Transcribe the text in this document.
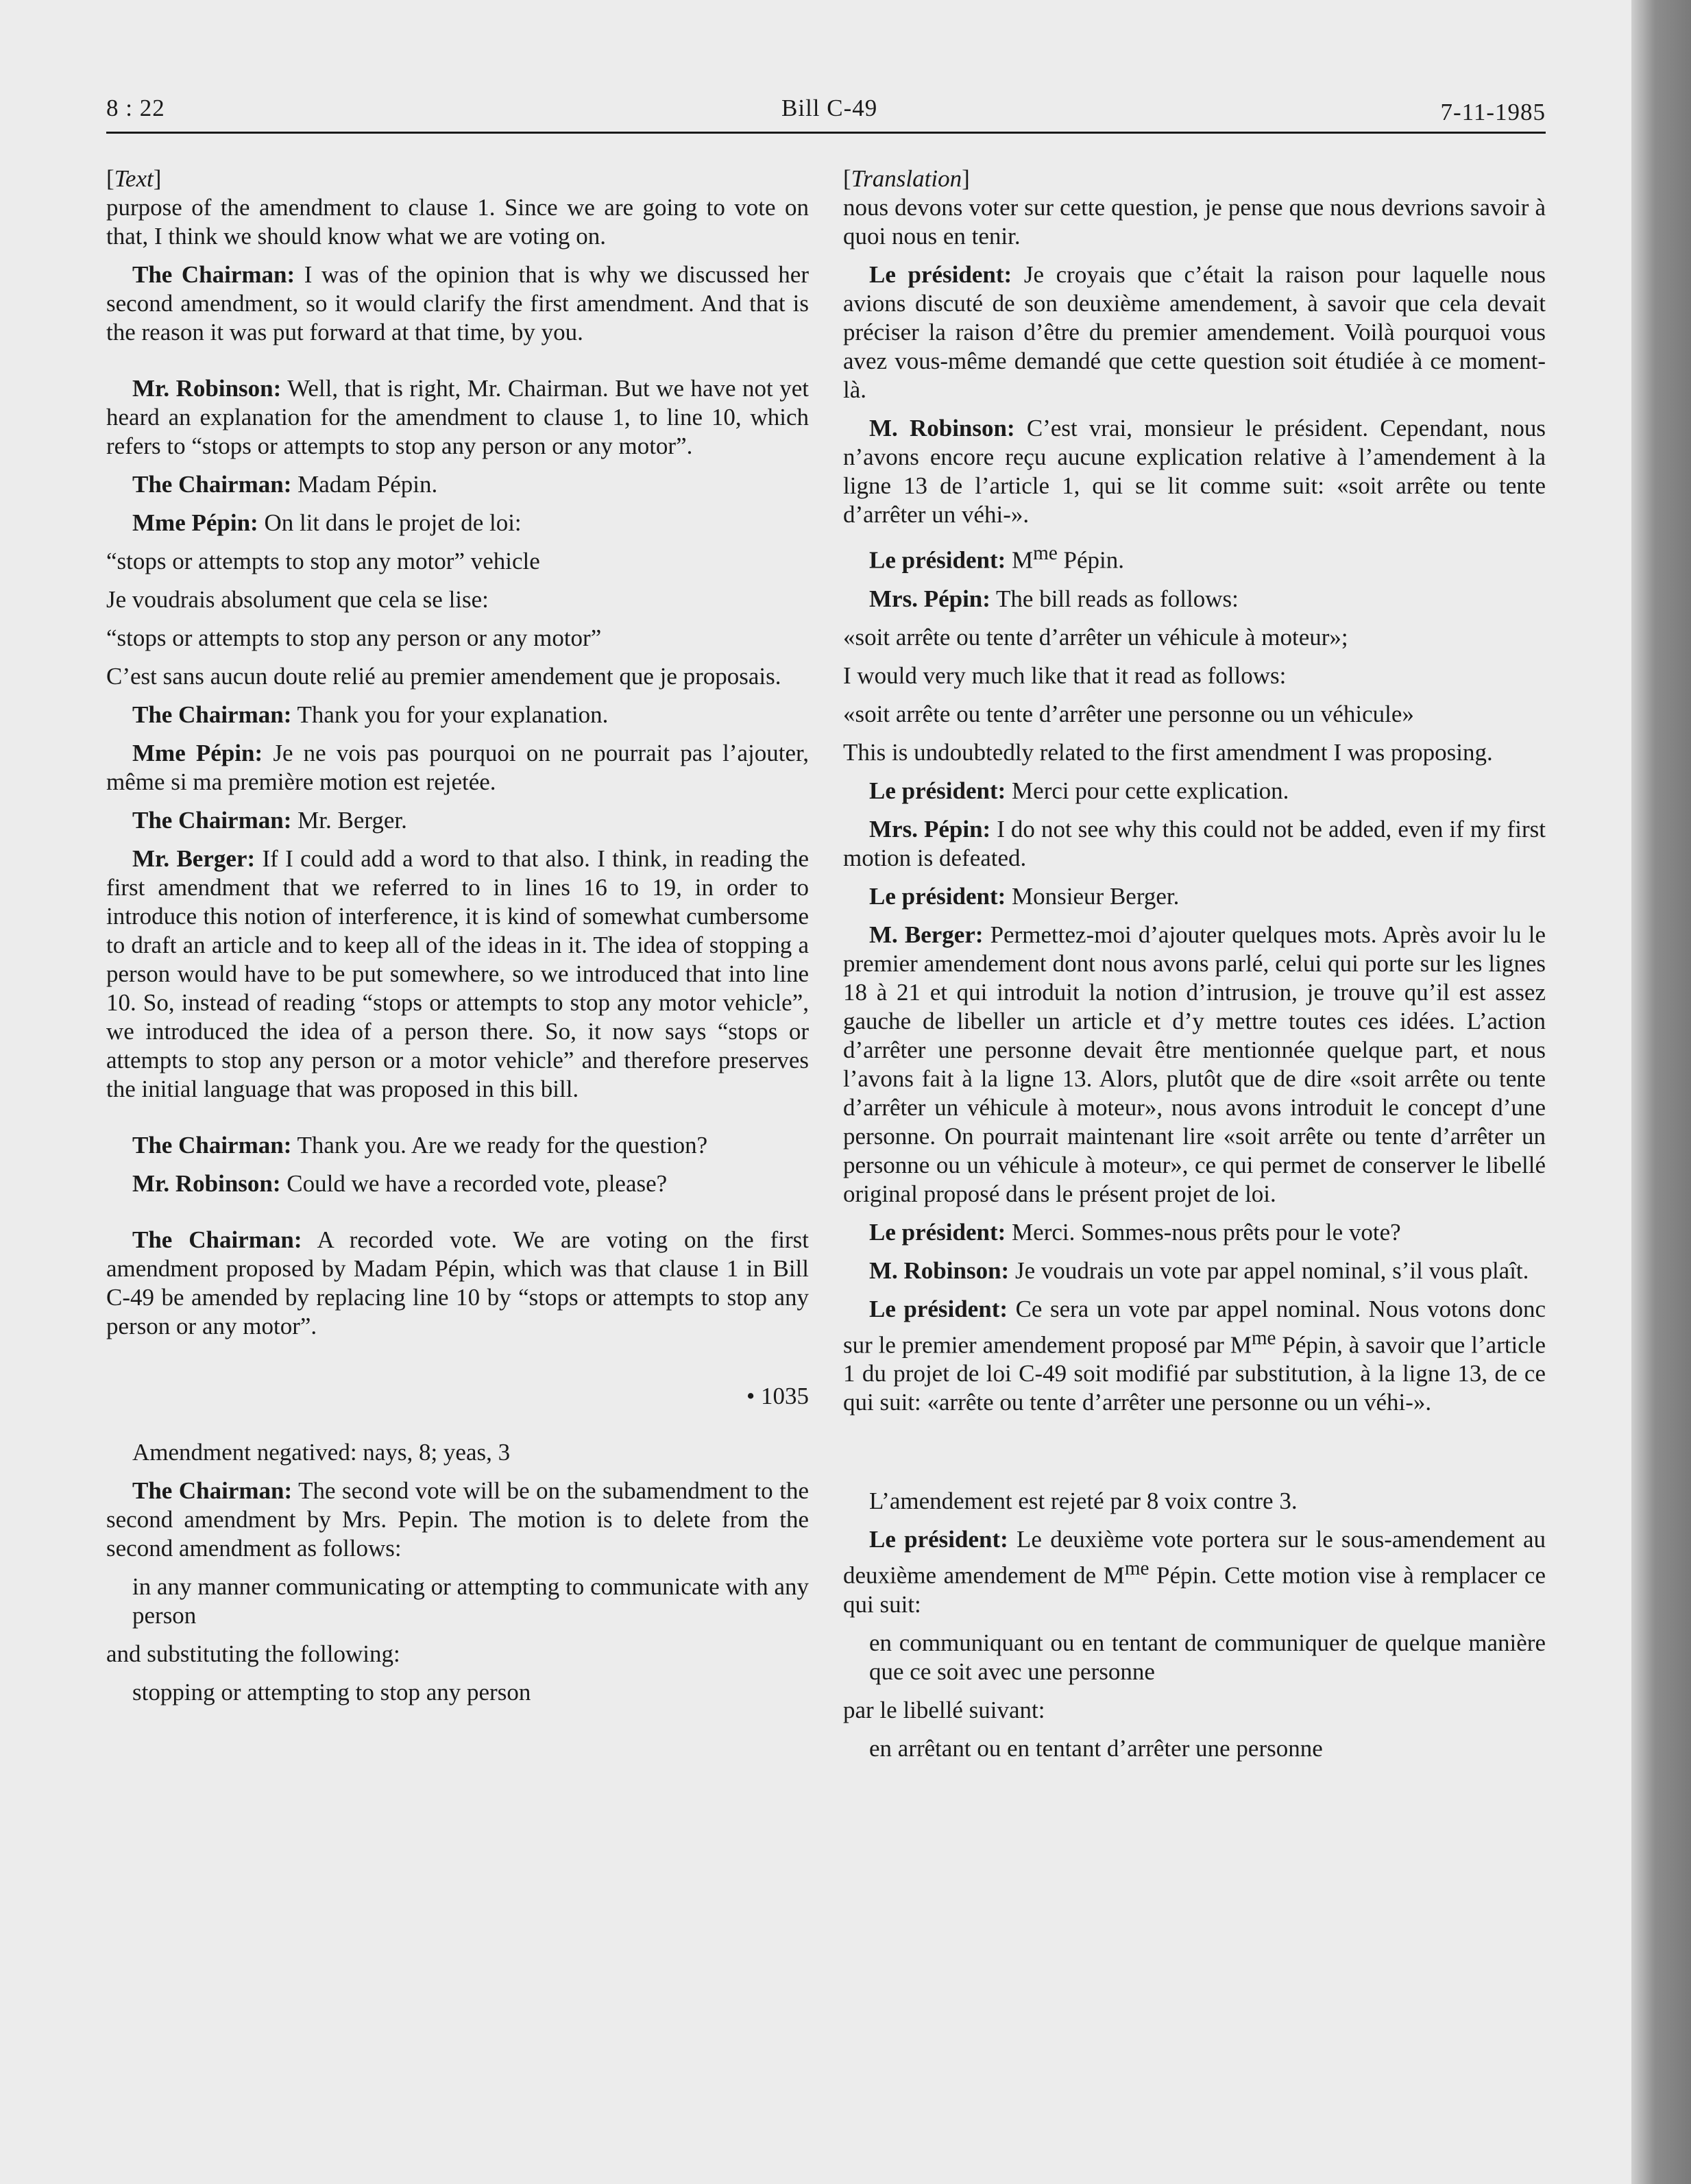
8 : 22	Bill C-49	7-11-1985

[Text]

purpose of the amendment to clause 1. Since we are going to vote on that, I think we should know what we are voting on.

The Chairman: I was of the opinion that is why we discussed her second amendment, so it would clarify the first amendment. And that is the reason it was put forward at that time, by you.

Mr. Robinson: Well, that is right, Mr. Chairman. But we have not yet heard an explanation for the amendment to clause 1, to line 10, which refers to “stops or attempts to stop any person or any motor”.

The Chairman: Madam Pépin.

Mme Pépin: On lit dans le projet de loi:

“stops or attempts to stop any motor” vehicle

Je voudrais absolument que cela se lise:

“stops or attempts to stop any person or any motor”

C’est sans aucun doute relié au premier amendement que je proposais.

The Chairman: Thank you for your explanation.

Mme Pépin: Je ne vois pas pourquoi on ne pourrait pas l’ajouter, même si ma première motion est rejetée.

The Chairman: Mr. Berger.

Mr. Berger: If I could add a word to that also. I think, in reading the first amendment that we referred to in lines 16 to 19, in order to introduce this notion of interference, it is kind of somewhat cumbersome to draft an article and to keep all of the ideas in it. The idea of stopping a person would have to be put somewhere, so we introduced that into line 10. So, instead of reading “stops or attempts to stop any motor vehicle”, we introduced the idea of a person there. So, it now says “stops or attempts to stop any person or a motor vehicle” and therefore preserves the initial language that was proposed in this bill.

The Chairman: Thank you. Are we ready for the question?

Mr. Robinson: Could we have a recorded vote, please?

The Chairman: A recorded vote. We are voting on the first amendment proposed by Madam Pépin, which was that clause 1 in Bill C-49 be amended by replacing line 10 by “stops or attempts to stop any person or any motor”.

• 1035

Amendment negatived: nays, 8; yeas, 3

The Chairman: The second vote will be on the subamendment to the second amendment by Mrs. Pepin. The motion is to delete from the second amendment as follows:

in any manner communicating or attempting to communicate with any person

and substituting the following:

stopping or attempting to stop any person

[Translation]

nous devons voter sur cette question, je pense que nous devrions savoir à quoi nous en tenir.

Le président: Je croyais que c’était la raison pour laquelle nous avions discuté de son deuxième amendement, à savoir que cela devait préciser la raison d’être du premier amendement. Voilà pourquoi vous avez vous-même demandé que cette question soit étudiée à ce moment-là.

M. Robinson: C’est vrai, monsieur le président. Cependant, nous n’avons encore reçu aucune explication relative à l’amendement à la ligne 13 de l’article 1, qui se lit comme suit: «soit arrête ou tente d’arrêter un véhi-».

Le président: $M^{me}$ Pépin.

Mrs. Pépin: The bill reads as follows:

«soit arrête ou tente d’arrêter un véhicule à moteur»;

I would very much like that it read as follows:

«soit arrête ou tente d’arrêter une personne ou un véhicule»

This is undoubtedly related to the first amendment I was proposing.

Le président: Merci pour cette explication.

Mrs. Pépin: I do not see why this could not be added, even if my first motion is defeated.

Le président: Monsieur Berger.

M. Berger: Permettez-moi d’ajouter quelques mots. Après avoir lu le premier amendement dont nous avons parlé, celui qui porte sur les lignes 18 à 21 et qui introduit la notion d’intrusion, je trouve qu’il est assez gauche de libeller un article et d’y mettre toutes ces idées. L’action d’arrêter une personne devait être mentionnée quelque part, et nous l’avons fait à la ligne 13. Alors, plutôt que de dire «soit arrête ou tente d’arrêter un véhicule à moteur», nous avons introduit le concept d’une personne. On pourrait maintenant lire «soit arrête ou tente d’arrêter un personne ou un véhicule à moteur», ce qui permet de conserver le libellé original proposé dans le présent projet de loi.

Le président: Merci. Sommes-nous prêts pour le vote?

M. Robinson: Je voudrais un vote par appel nominal, s’il vous plaît.

Le président: Ce sera un vote par appel nominal. Nous votons donc sur le premier amendement proposé par $M^{me}$ Pépin, à savoir que l’article 1 du projet de loi C-49 soit modifié par substitution, à la ligne 13, de ce qui suit: «arrête ou tente d’arrêter une personne ou un véhi-».

L’amendement est rejeté par 8 voix contre 3.

Le président: Le deuxième vote portera sur le sous-amendement au deuxième amendement de $M^{me}$ Pépin. Cette motion vise à remplacer ce qui suit:

en communiquant ou en tentant de communiquer de quelque manière que ce soit avec une personne

par le libellé suivant:

en arrêtant ou en tentant d’arrêter une personne
